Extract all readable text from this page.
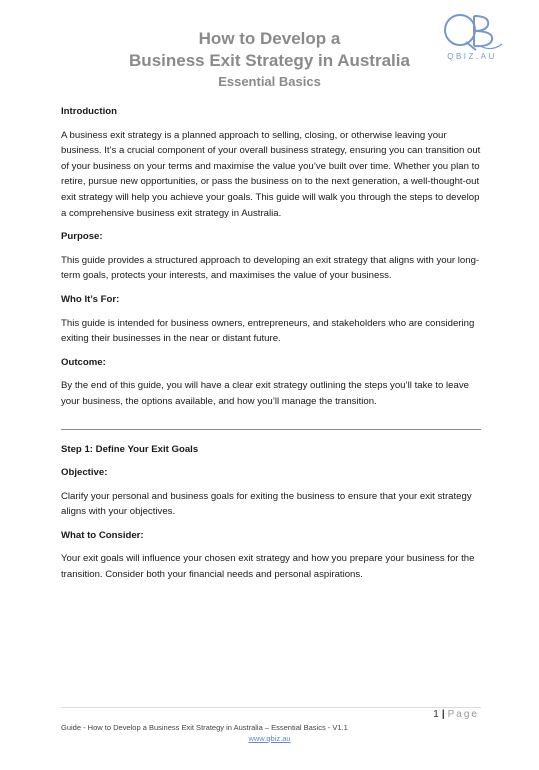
QBIZ.AU
How to Develop a
Business Exit Strategy in Australia
Essential Basics
Introduction
A business exit strategy is a planned approach to selling, closing, or otherwise leaving your business. It’s a crucial component of your overall business strategy, ensuring you can transition out of your business on your terms and maximise the value you’ve built over time. Whether you plan to retire, pursue new opportunities, or pass the business on to the next generation, a well-thought-out exit strategy will help you achieve your goals. This guide will walk you through the steps to develop a comprehensive business exit strategy in Australia.
Purpose:
This guide provides a structured approach to developing an exit strategy that aligns with your long-term goals, protects your interests, and maximises the value of your business.
Who It’s For:
This guide is intended for business owners, entrepreneurs, and stakeholders who are considering exiting their businesses in the near or distant future.
Outcome:
By the end of this guide, you will have a clear exit strategy outlining the steps you’ll take to leave your business, the options available, and how you’ll manage the transition.
Step 1: Define Your Exit Goals
Objective:
Clarify your personal and business goals for exiting the business to ensure that your exit strategy aligns with your objectives.
What to Consider:
Your exit goals will influence your chosen exit strategy and how you prepare your business for the transition. Consider both your financial needs and personal aspirations.
1 | Page
Guide - How to Develop a Business Exit Strategy in Australia – Essential Basics - V1.1
www.qbiz.au
